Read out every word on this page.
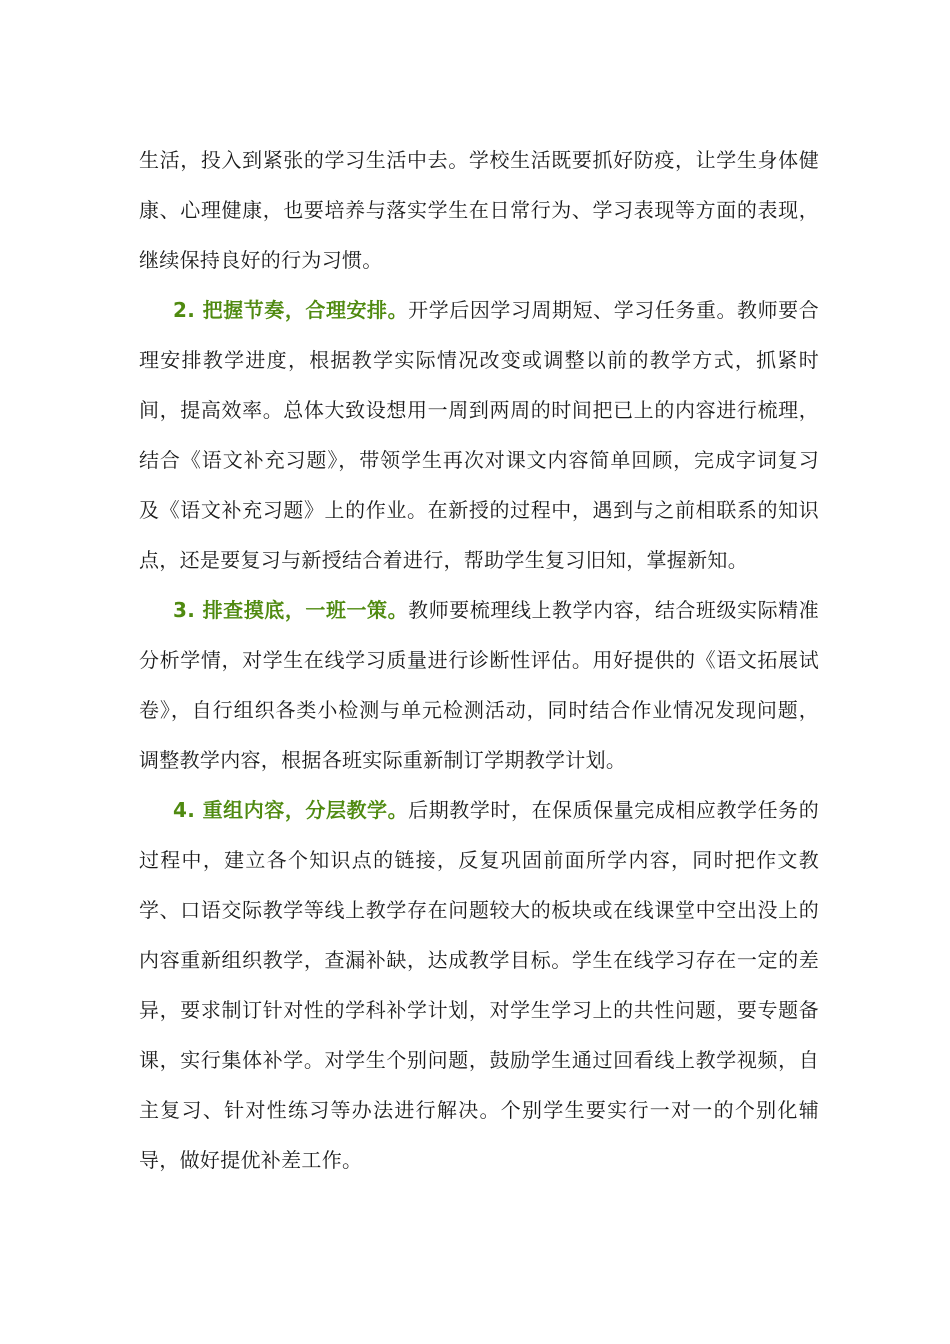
生活，投入到紧张的学习生活中去。学校生活既要抓好防疫，让学生身体健康、心理健康，也要培养与落实学生在日常行为、学习表现等方面的表现，继续保持良好的行为习惯。

2. 把握节奏，合理安排。开学后因学习周期短、学习任务重。教师要合理安排教学进度，根据教学实际情况改变或调整以前的教学方式，抓紧时间，提高效率。总体大致设想用一周到两周的时间把已上的内容进行梳理，结合《语文补充习题》，带领学生再次对课文内容简单回顾，完成字词复习及《语文补充习题》上的作业。在新授的过程中，遇到与之前相联系的知识点，还是要复习与新授结合着进行，帮助学生复习旧知，掌握新知。

3. 排查摸底，一班一策。教师要梳理线上教学内容，结合班级实际精准分析学情，对学生在线学习质量进行诊断性评估。用好提供的《语文拓展试卷》，自行组织各类小检测与单元检测活动，同时结合作业情况发现问题，调整教学内容，根据各班实际重新制订学期教学计划。

4. 重组内容，分层教学。后期教学时，在保质保量完成相应教学任务的过程中，建立各个知识点的链接，反复巩固前面所学内容，同时把作文教学、口语交际教学等线上教学存在问题较大的板块或在线课堂中空出没上的内容重新组织教学，查漏补缺，达成教学目标。学生在线学习存在一定的差异，要求制订针对性的学科补学计划，对学生学习上的共性问题，要专题备课，实行集体补学。对学生个别问题，鼓励学生通过回看线上教学视频，自主复习、针对性练习等办法进行解决。个别学生要实行一对一的个别化辅导，做好提优补差工作。
